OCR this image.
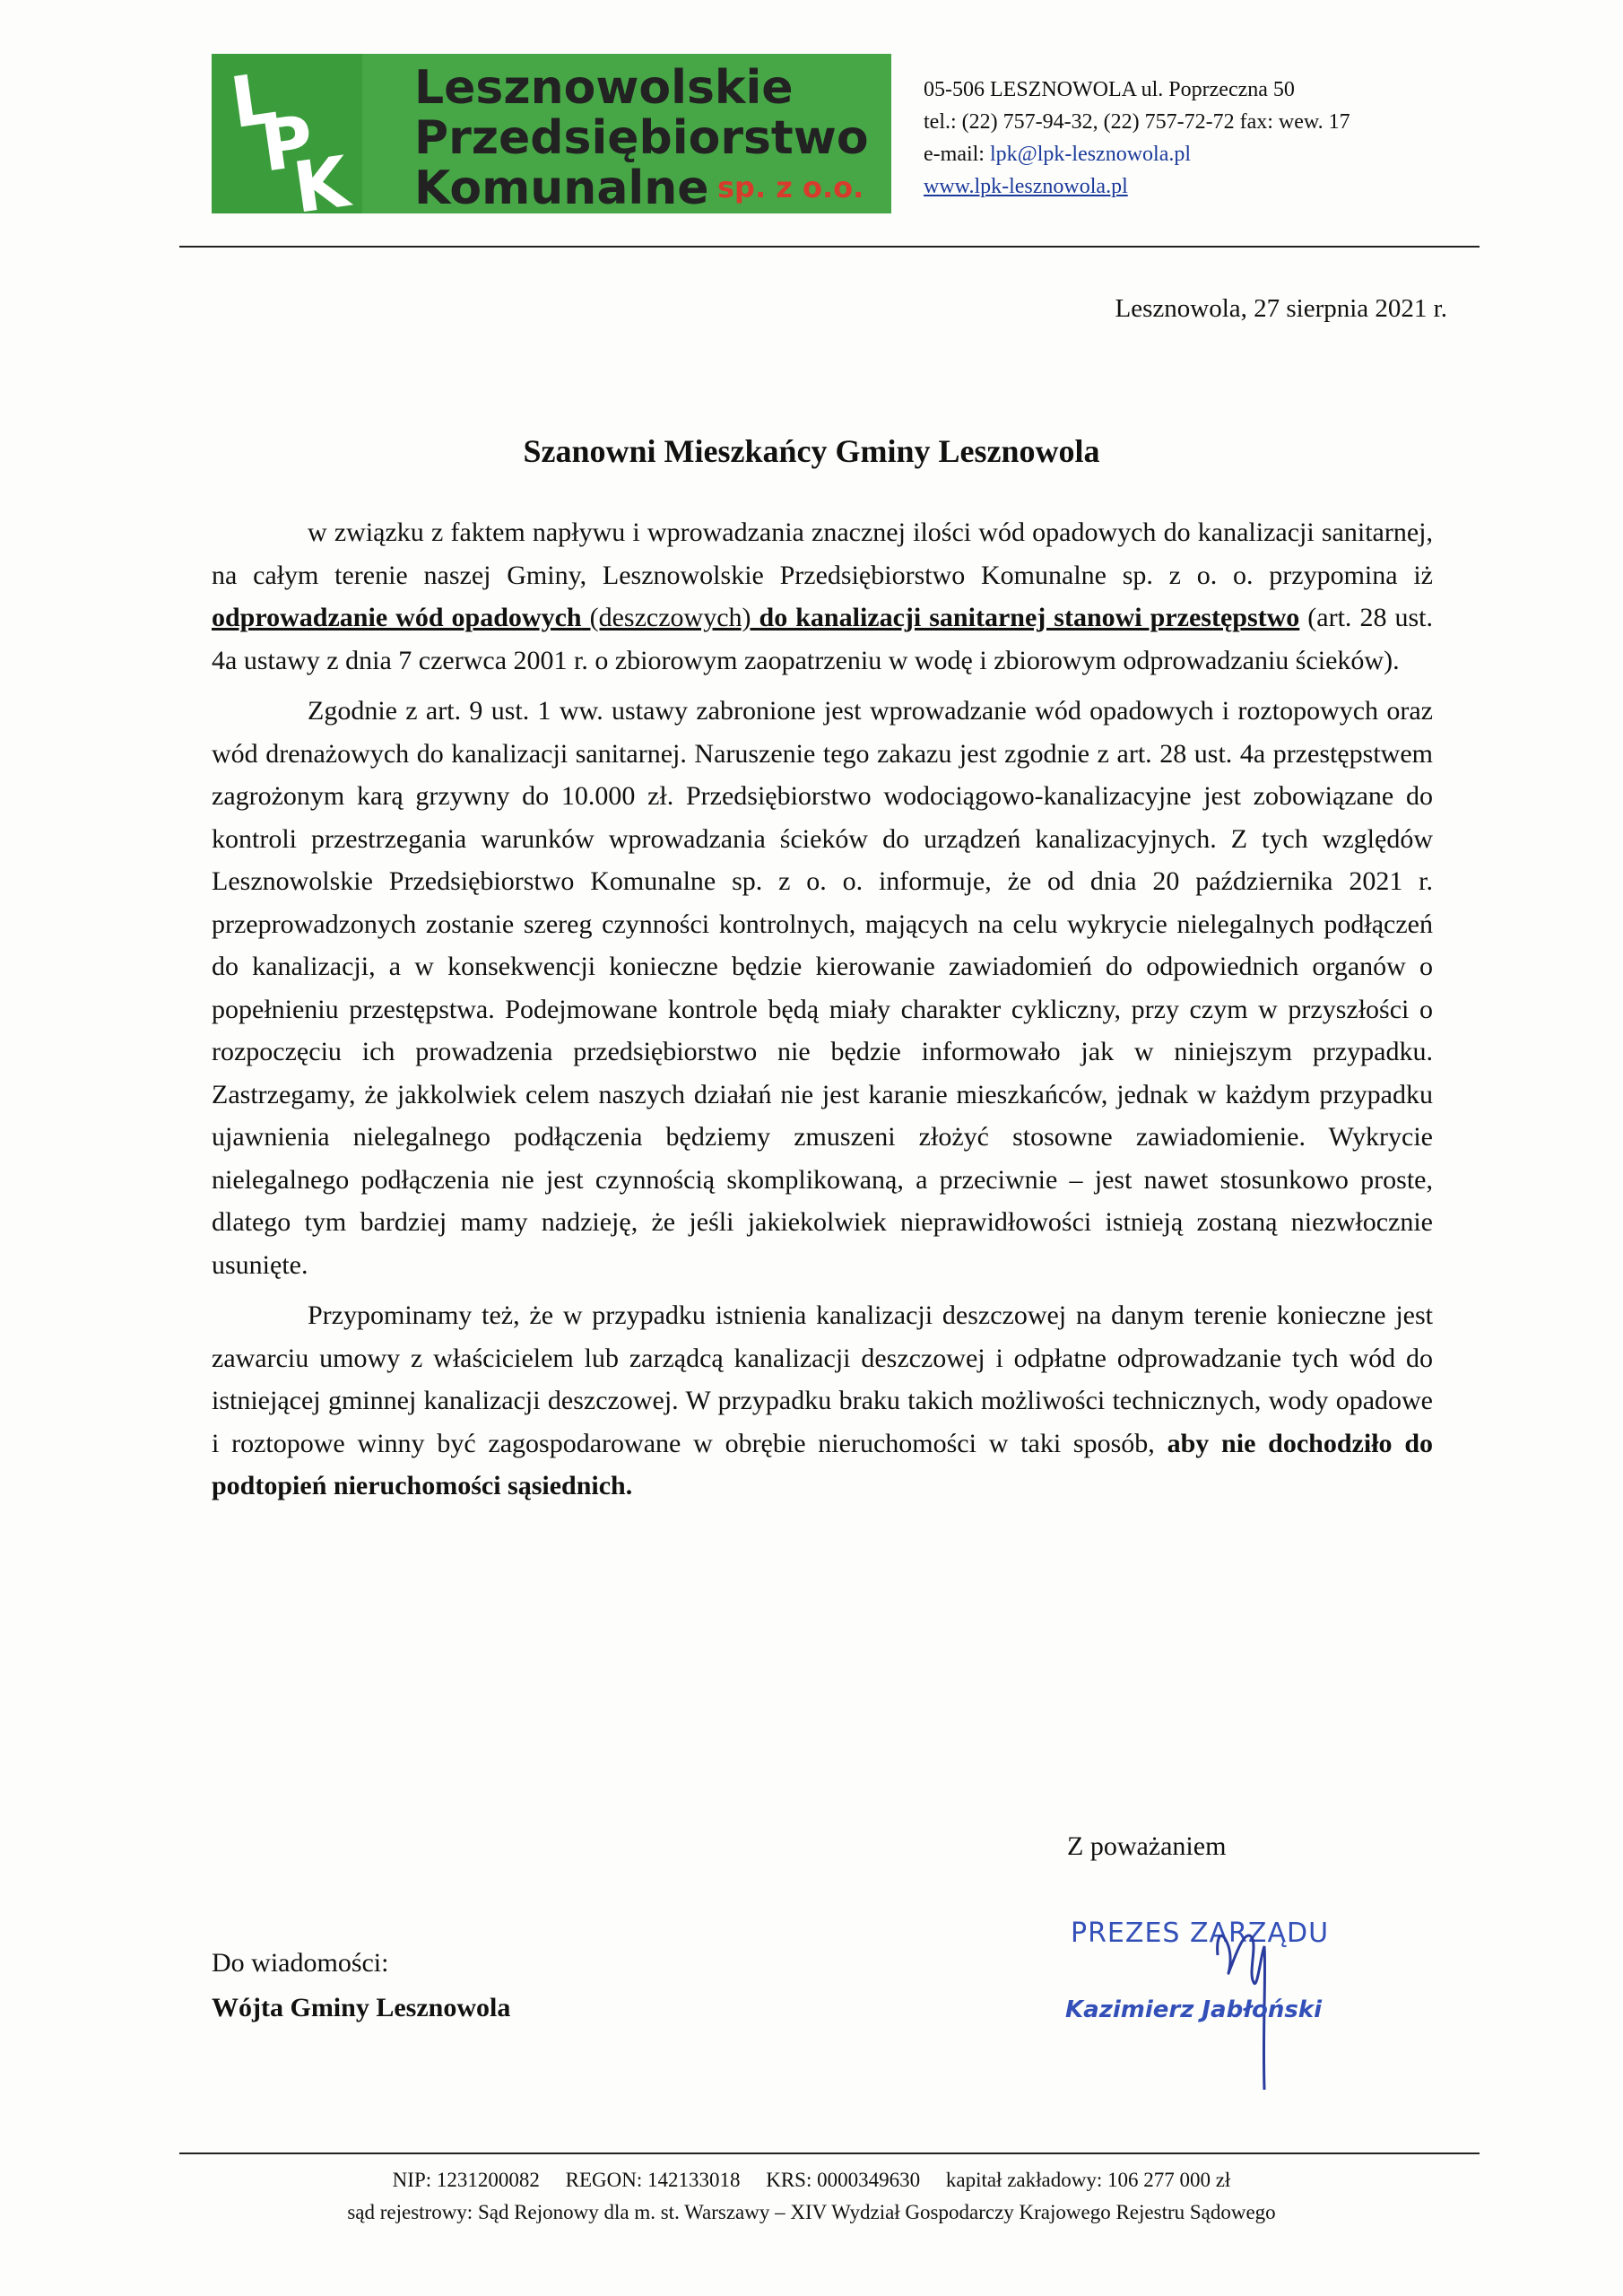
L
P
K
Lesznowolskie
Przedsiębiorstwo
Komunalne sp. z o.o.
05-506 LESZNOWOLA ul. Poprzeczna 50
tel.: (22) 757-94-32, (22) 757-72-72 fax: wew. 17
e-mail: lpk@lpk-lesznowola.pl
www.lpk-lesznowola.pl
Lesznowola, 27 sierpnia 2021 r.
Szanowni Mieszkańcy Gminy Lesznowola

w związku z faktem napływu i wprowadzania znacznej ilości wód opadowych do kanalizacji sanitarnej, na całym terenie naszej Gminy, Lesznowolskie Przedsiębiorstwo Komunalne sp. z o. o. przypomina iż odprowadzanie wód opadowych (deszczowych) do kanalizacji sanitarnej stanowi przestępstwo (art. 28 ust. 4a ustawy z dnia 7 czerwca 2001 r. o zbiorowym zaopatrzeniu w wodę i zbiorowym odprowadzaniu ścieków).

Zgodnie z art. 9 ust. 1 ww. ustawy zabronione jest wprowadzanie wód opadowych i roztopowych oraz wód drenażowych do kanalizacji sanitarnej. Naruszenie tego zakazu jest zgodnie z art. 28 ust. 4a przestępstwem zagrożonym karą grzywny do 10.000 zł. Przedsiębiorstwo wodociągowo-kanalizacyjne jest zobowiązane do kontroli przestrzegania warunków wprowadzania ścieków do urządzeń kanalizacyjnych. Z tych względów Lesznowolskie Przedsiębiorstwo Komunalne sp. z o. o. informuje, że od dnia 20 października 2021 r. przeprowadzonych zostanie szereg czynności kontrolnych, mających na celu wykrycie nielegalnych podłączeń do kanalizacji, a w konsekwencji konieczne będzie kierowanie zawiadomień do odpowiednich organów o popełnieniu przestępstwa. Podejmowane kontrole będą miały charakter cykliczny, przy czym w przyszłości o rozpoczęciu ich prowadzenia przedsiębiorstwo nie będzie informowało jak w niniejszym przypadku. Zastrzegamy, że jakkolwiek celem naszych działań nie jest karanie mieszkańców, jednak w każdym przypadku ujawnienia nielegalnego podłączenia będziemy zmuszeni złożyć stosowne zawiadomienie. Wykrycie nielegalnego podłączenia nie jest czynnością skomplikowaną, a przeciwnie – jest nawet stosunkowo proste, dlatego tym bardziej mamy nadzieję, że jeśli jakiekolwiek nieprawidłowości istnieją zostaną niezwłocznie usunięte.

Przypominamy też, że w przypadku istnienia kanalizacji deszczowej na danym terenie konieczne jest zawarciu umowy z właścicielem lub zarządcą kanalizacji deszczowej i odpłatne odprowadzanie tych wód do istniejącej gminnej kanalizacji deszczowej. W przypadku braku takich możliwości technicznych, wody opadowe i roztopowe winny być zagospodarowane w obrębie nieruchomości w taki sposób, aby nie dochodziło do podtopień nieruchomości sąsiednich.

Z poważaniem
PREZES ZARZĄDU
Kazimierz Jabłoński
Do wiadomości:
Wójta Gminy Lesznowola
NIP: 1231200082     REGON: 142133018     KRS: 0000349630     kapitał zakładowy: 106 277 000 zł
sąd rejestrowy: Sąd Rejonowy dla m. st. Warszawy – XIV Wydział Gospodarczy Krajowego Rejestru Sądowego
